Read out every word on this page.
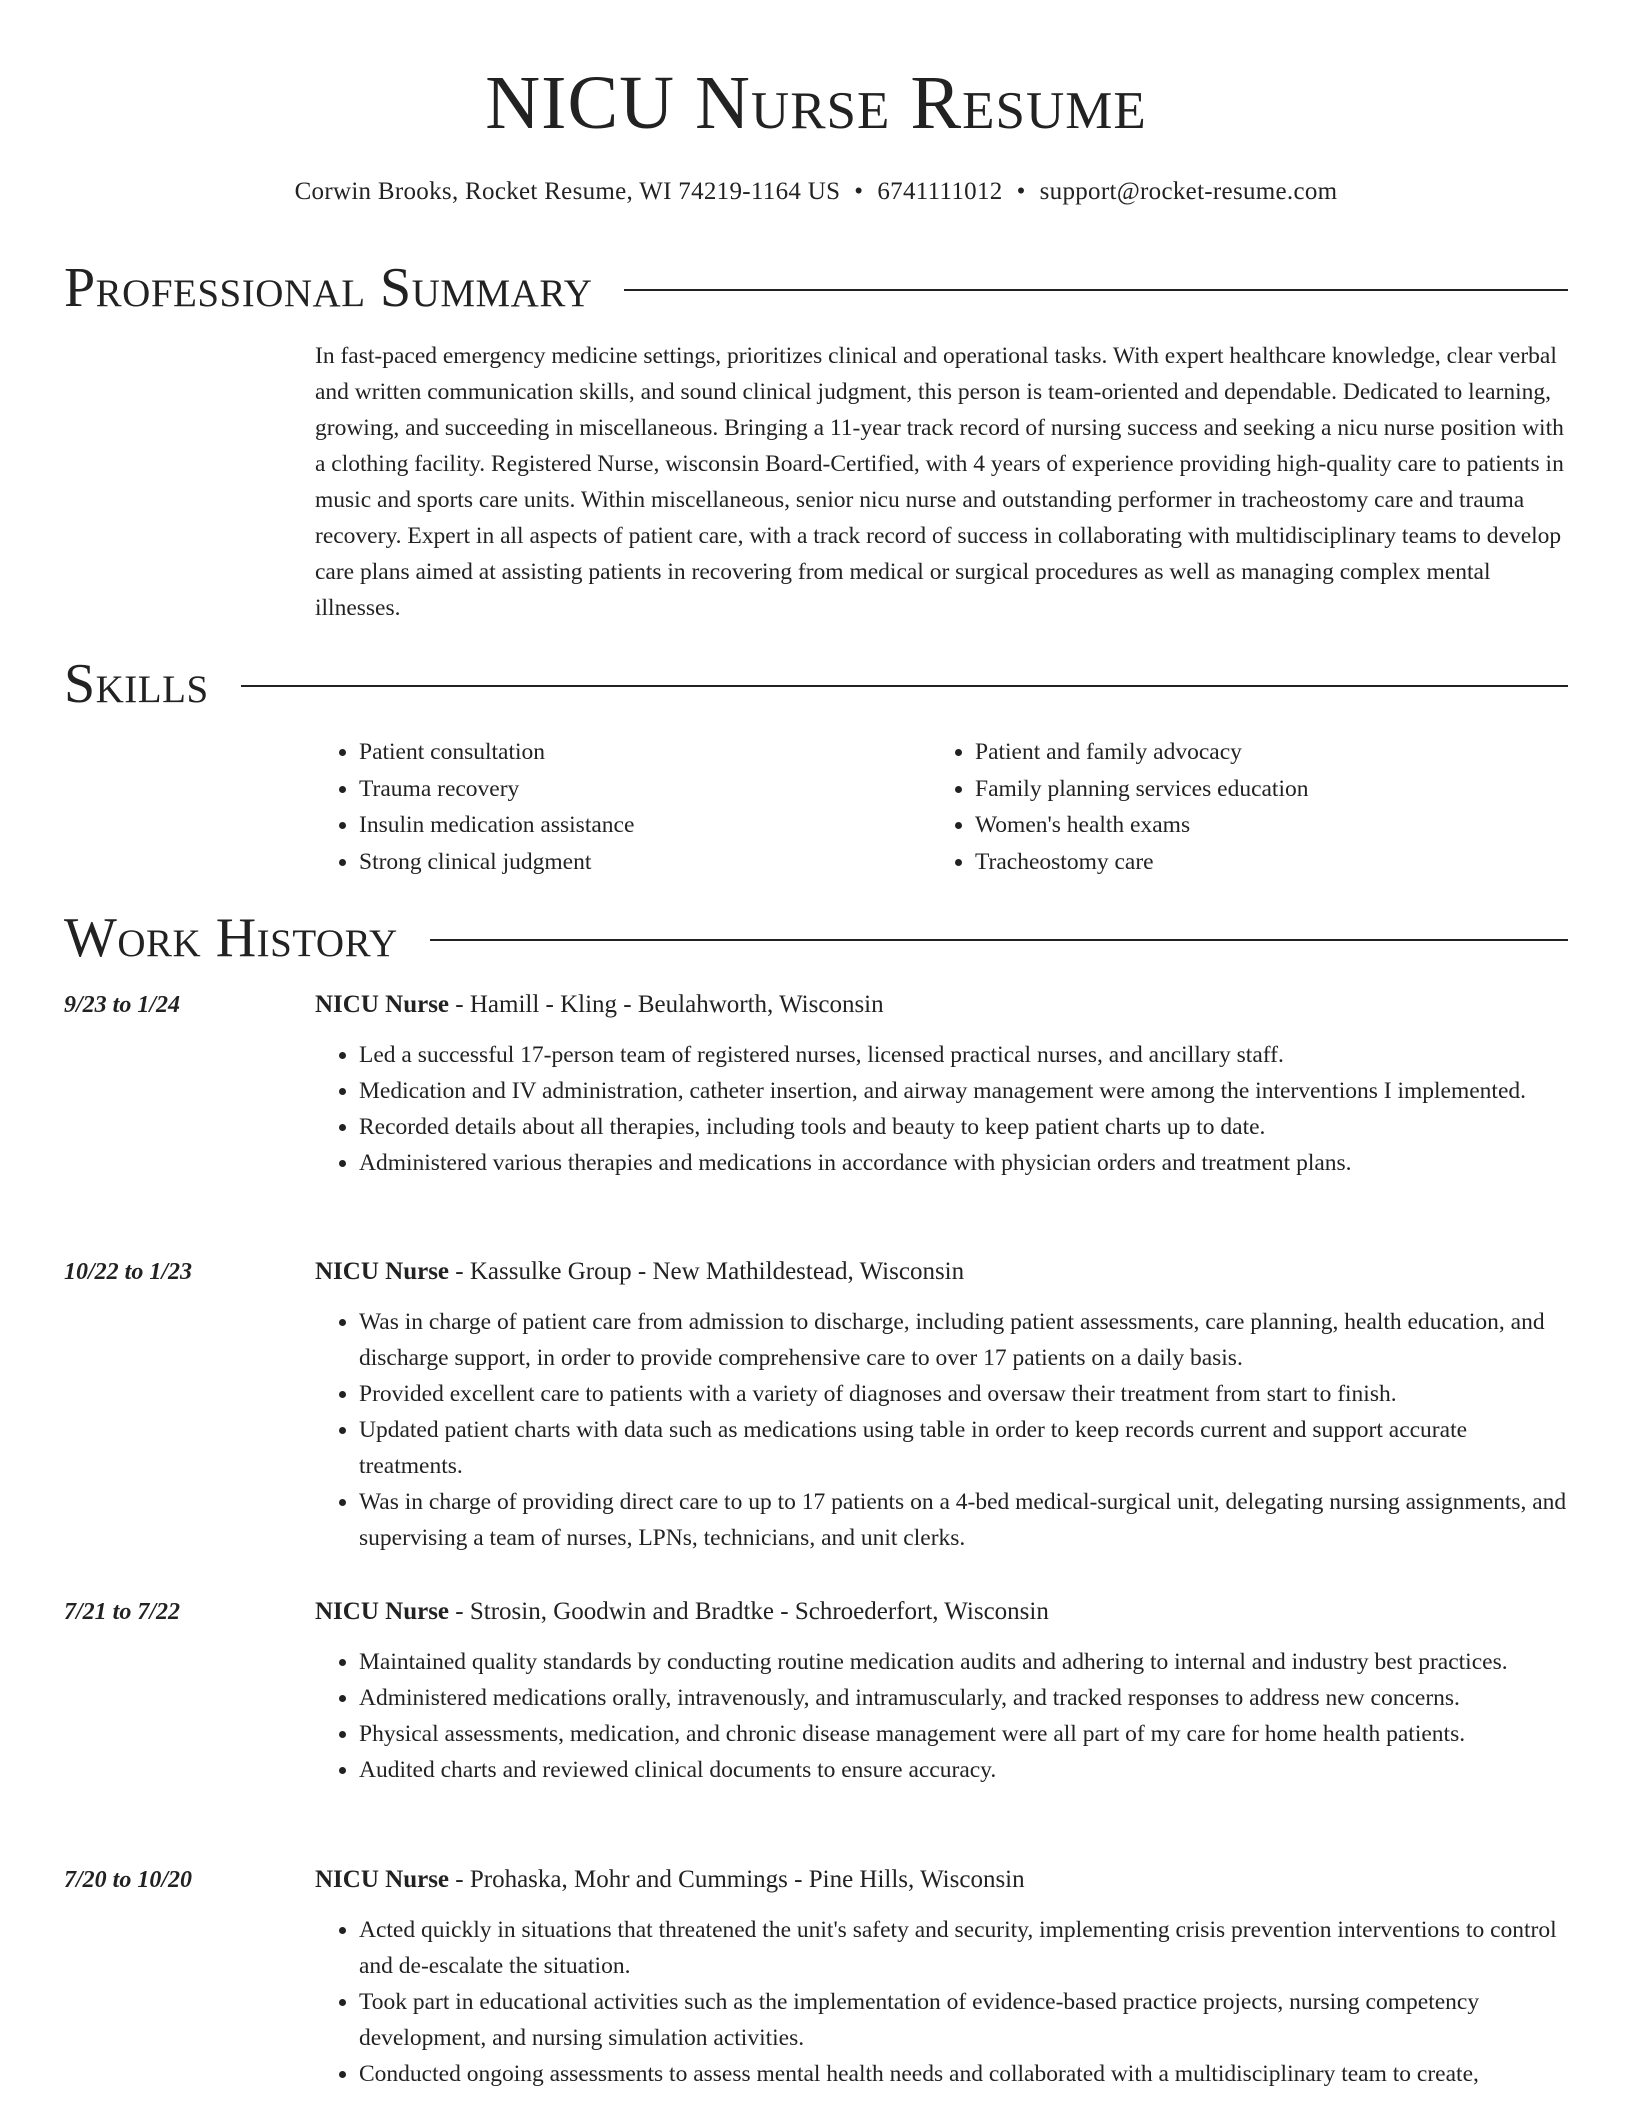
NICU Nurse Resume
Corwin Brooks, Rocket Resume, WI 74219-1164 US • 6741111012 • support@rocket-resume.com
Professional Summary

In fast-paced emergency medicine settings, prioritizes clinical and operational tasks. With expert healthcare knowledge, clear verbal and written communication skills, and sound clinical judgment, this person is team-oriented and dependable. Dedicated to learning, growing, and succeeding in miscellaneous. Bringing a 11-year track record of nursing success and seeking a nicu nurse position with a clothing facility. Registered Nurse, wisconsin Board-Certified, with 4 years of experience providing high-quality care to patients in music and sports care units. Within miscellaneous, senior nicu nurse and outstanding performer in tracheostomy care and trauma recovery. Expert in all aspects of patient care, with a track record of success in collaborating with multidisciplinary teams to develop care plans aimed at assisting patients in recovering from medical or surgical procedures as well as managing complex mental illnesses.

Skills
• Patient consultation
• Trauma recovery
• Insulin medication assistance
• Strong clinical judgment
• Patient and family advocacy
• Family planning services education
• Women's health exams
• Tracheostomy care
Work History
9/23 to 1/24	NICU Nurse - Hamill - Kling - Beulahworth, Wisconsin
• Led a successful 17-person team of registered nurses, licensed practical nurses, and ancillary staff.
• Medication and IV administration, catheter insertion, and airway management were among the interventions I implemented.
• Recorded details about all therapies, including tools and beauty to keep patient charts up to date.
• Administered various therapies and medications in accordance with physician orders and treatment plans.
10/22 to 1/23	NICU Nurse - Kassulke Group - New Mathildestead, Wisconsin
• Was in charge of patient care from admission to discharge, including patient assessments, care planning, health education, and discharge support, in order to provide comprehensive care to over 17 patients on a daily basis.
• Provided excellent care to patients with a variety of diagnoses and oversaw their treatment from start to finish.
• Updated patient charts with data such as medications using table in order to keep records current and support accurate treatments.
• Was in charge of providing direct care to up to 17 patients on a 4-bed medical-surgical unit, delegating nursing assignments, and supervising a team of nurses, LPNs, technicians, and unit clerks.
7/21 to 7/22	NICU Nurse - Strosin, Goodwin and Bradtke - Schroederfort, Wisconsin
• Maintained quality standards by conducting routine medication audits and adhering to internal and industry best practices.
• Administered medications orally, intravenously, and intramuscularly, and tracked responses to address new concerns.
• Physical assessments, medication, and chronic disease management were all part of my care for home health patients.
• Audited charts and reviewed clinical documents to ensure accuracy.
7/20 to 10/20	NICU Nurse - Prohaska, Mohr and Cummings - Pine Hills, Wisconsin
• Acted quickly in situations that threatened the unit's safety and security, implementing crisis prevention interventions to control and de-escalate the situation.
• Took part in educational activities such as the implementation of evidence-based practice projects, nursing competency development, and nursing simulation activities.
• Conducted ongoing assessments to assess mental health needs and collaborated with a multidisciplinary team to create,
